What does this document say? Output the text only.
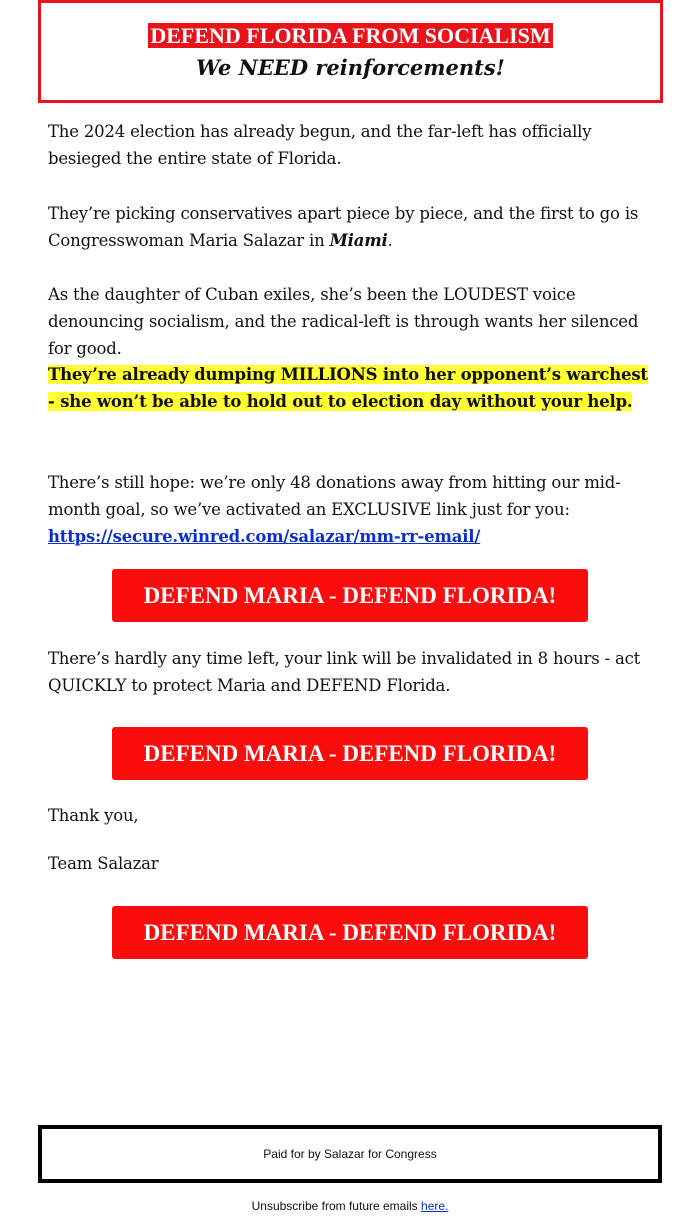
DEFEND FLORIDA FROM SOCIALISM
We NEED reinforcements!

The 2024 election has already begun, and the far-left has officially besieged the entire state of Florida.

They’re picking conservatives apart piece by piece, and the first to go is Congresswoman Maria Salazar in Miami.

As the daughter of Cuban exiles, she’s been the LOUDEST voice denouncing socialism, and the radical-left is through wants her silenced for good.

They’re already dumping MILLIONS into her opponent’s warchest - she won’t be able to hold out to election day without your help.

There’s still hope: we’re only 48 donations away from hitting our mid-month goal, so we’ve activated an EXCLUSIVE link just for you:
https://secure.winred.com/salazar/mm-rr-email/

DEFEND MARIA - DEFEND FLORIDA!

There’s hardly any time left, your link will be invalidated in 8 hours - act QUICKLY to protect Maria and DEFEND Florida.

DEFEND MARIA - DEFEND FLORIDA!

Thank you,

Team Salazar

DEFEND MARIA - DEFEND FLORIDA!
Paid for by Salazar for Congress
Unsubscribe from future emails here.
